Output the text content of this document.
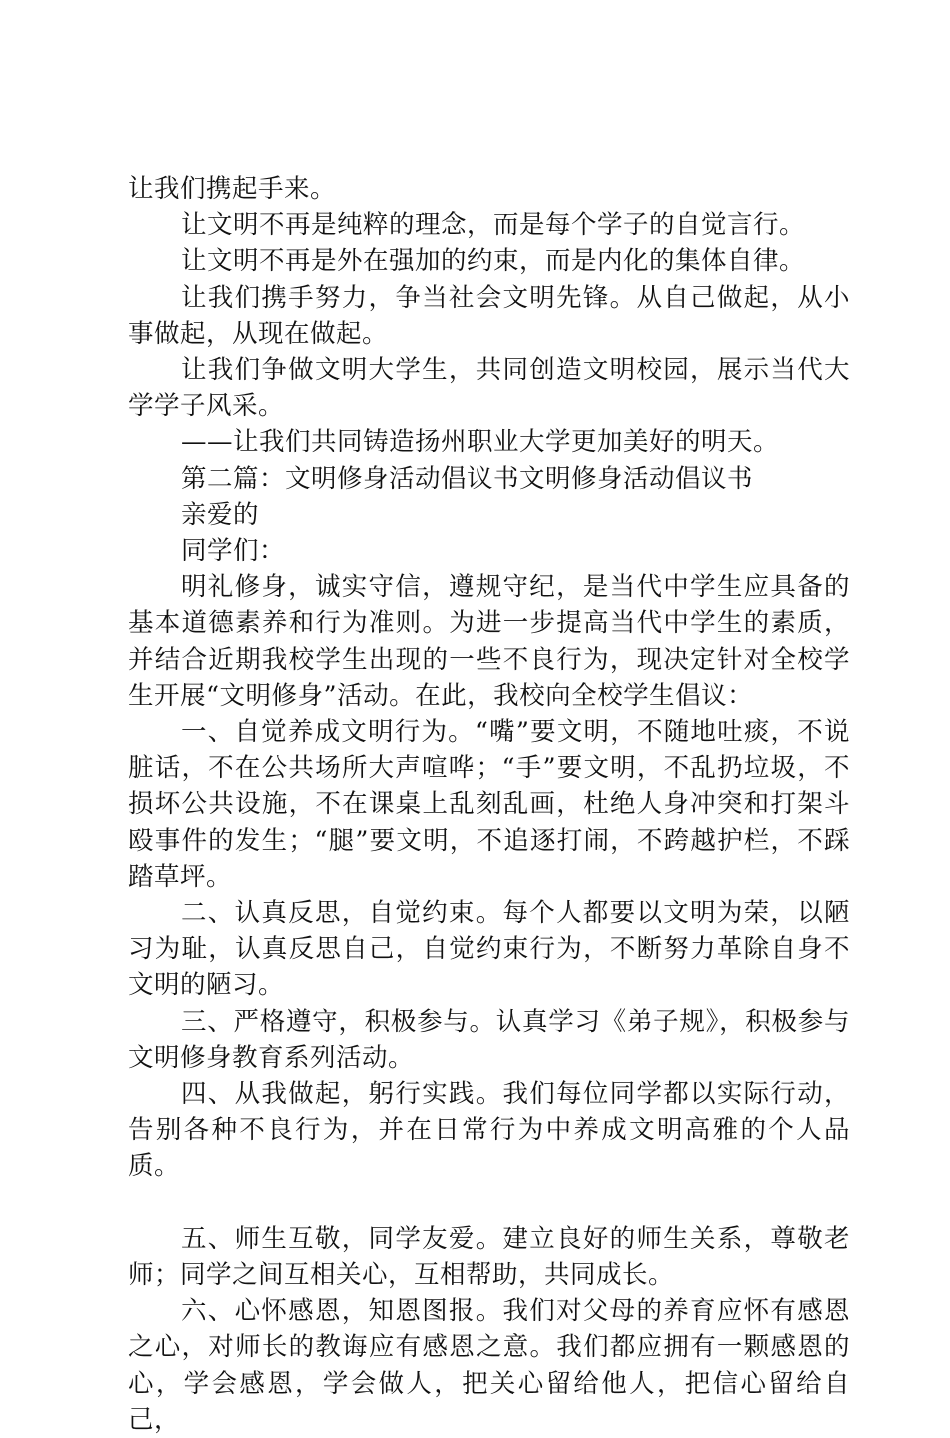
让我们携起手来。

让文明不再是纯粹的理念，而是每个学子的自觉言行。

让文明不再是外在强加的约束，而是内化的集体自律。

让我们携手努力，争当社会文明先锋。从自己做起，从小事做起，从现在做起。

让我们争做文明大学生，共同创造文明校园，展示当代大学学子风采。

——让我们共同铸造扬州职业大学更加美好的明天。

第二篇：文明修身活动倡议书文明修身活动倡议书

亲爱的

同学们：

明礼修身，诚实守信，遵规守纪，是当代中学生应具备的基本道德素养和行为准则。为进一步提高当代中学生的素质，并结合近期我校学生出现的一些不良行为，现决定针对全校学生开展“文明修身”活动。在此，我校向全校学生倡议：

一、自觉养成文明行为。“嘴”要文明，不随地吐痰，不说脏话，不在公共场所大声喧哗；“手”要文明，不乱扔垃圾，不损坏公共设施，不在课桌上乱刻乱画，杜绝人身冲突和打架斗殴事件的发生；“腿”要文明，不追逐打闹，不跨越护栏，不踩踏草坪。

二、认真反思，自觉约束。每个人都要以文明为荣，以陋习为耻，认真反思自己，自觉约束行为，不断努力革除自身不文明的陋习。

三、严格遵守，积极参与。认真学习《弟子规》，积极参与文明修身教育系列活动。

四、从我做起，躬行实践。我们每位同学都以实际行动，告别各种不良行为，并在日常行为中养成文明高雅的个人品质。

五、师生互敬，同学友爱。建立良好的师生关系，尊敬老师；同学之间互相关心，互相帮助，共同成长。

六、心怀感恩，知恩图报。我们对父母的养育应怀有感恩之心，对师长的教诲应有感恩之意。我们都应拥有一颗感恩的心，学会感恩，学会做人，把关心留给他人，把信心留给自己，
